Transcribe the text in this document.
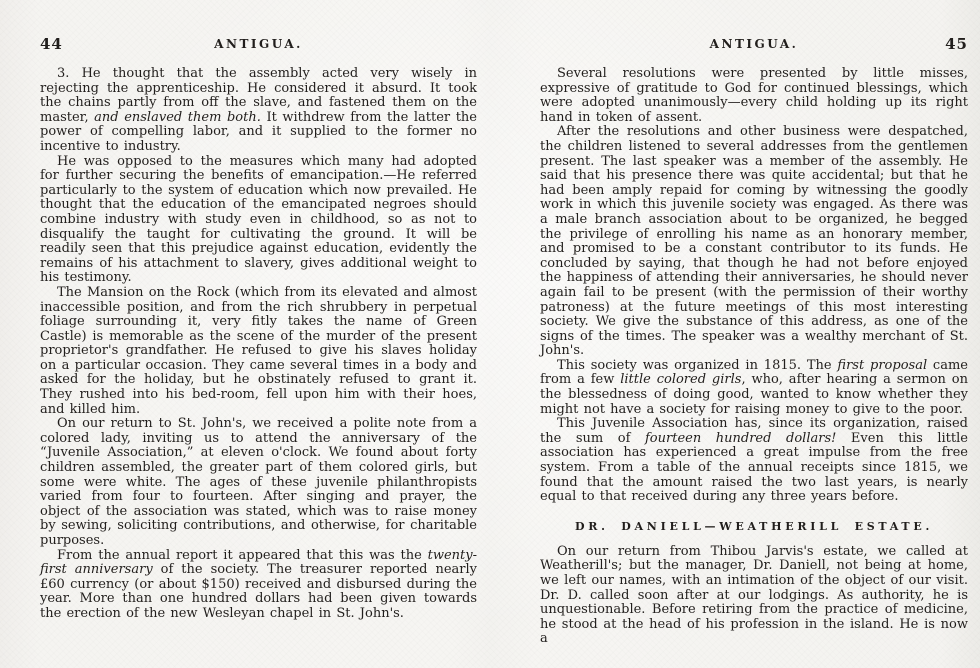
44	ANTIGUA.

3. He thought that the assembly acted very wisely in rejecting the apprenticeship. He considered it absurd. It took the chains partly from off the slave, and fastened them on the master, and enslaved them both. It withdrew from the latter the power of compelling labor, and it supplied to the former no incentive to industry.

He was opposed to the measures which many had adopted for further securing the benefits of emancipation.—He referred particularly to the system of education which now prevailed. He thought that the education of the emancipated negroes should combine industry with study even in childhood, so as not to disqualify the taught for cultivating the ground. It will be readily seen that this prejudice against education, evidently the remains of his attachment to slavery, gives additional weight to his testimony.

The Mansion on the Rock (which from its elevated and almost inaccessible position, and from the rich shrubbery in perpetual foliage surrounding it, very fitly takes the name of Green Castle) is memorable as the scene of the murder of the present proprietor's grandfather. He refused to give his slaves holiday on a particular occasion. They came several times in a body and asked for the holiday, but he obstinately refused to grant it. They rushed into his bed-room, fell upon him with their hoes, and killed him.

On our return to St. John's, we received a polite note from a colored lady, inviting us to attend the anniversary of the “Juvenile Association,” at eleven o'clock. We found about forty children assembled, the greater part of them colored girls, but some were white. The ages of these juvenile philanthropists varied from four to fourteen. After singing and prayer, the object of the association was stated, which was to raise money by sewing, soliciting contributions, and otherwise, for charitable purposes.

From the annual report it appeared that this was the twenty-first anniversary of the society. The treasurer reported nearly £60 currency (or about $150) received and disbursed during the year. More than one hundred dollars had been given towards the erection of the new Wesleyan chapel in St. John's.

ANTIGUA.	45

Several resolutions were presented by little misses, expressive of gratitude to God for continued blessings, which were adopted unanimously—every child holding up its right hand in token of assent.

After the resolutions and other business were despatched, the children listened to several addresses from the gentlemen present. The last speaker was a member of the assembly. He said that his presence there was quite accidental; but that he had been amply repaid for coming by witnessing the goodly work in which this juvenile society was engaged. As there was a male branch association about to be organized, he begged the privilege of enrolling his name as an honorary member, and promised to be a constant contributor to its funds. He concluded by saying, that though he had not before enjoyed the happiness of attending their anniversaries, he should never again fail to be present (with the permission of their worthy patroness) at the future meetings of this most interesting society. We give the substance of this address, as one of the signs of the times. The speaker was a wealthy merchant of St. John's.

This society was organized in 1815. The first proposal came from a few little colored girls, who, after hearing a sermon on the blessedness of doing good, wanted to know whether they might not have a society for raising money to give to the poor.

This Juvenile Association has, since its organization, raised the sum of fourteen hundred dollars! Even this little association has experienced a great impulse from the free system. From a table of the annual receipts since 1815, we found that the amount raised the two last years, is nearly equal to that received during any three years before.

DR. DANIELL—WEATHERILL ESTATE.

On our return from Thibou Jarvis's estate, we called at Weatherill's; but the manager, Dr. Daniell, not being at home, we left our names, with an intimation of the object of our visit. Dr. D. called soon after at our lodgings. As authority, he is unquestionable. Before retiring from the practice of medicine, he stood at the head of his profession in the island. He is now a
